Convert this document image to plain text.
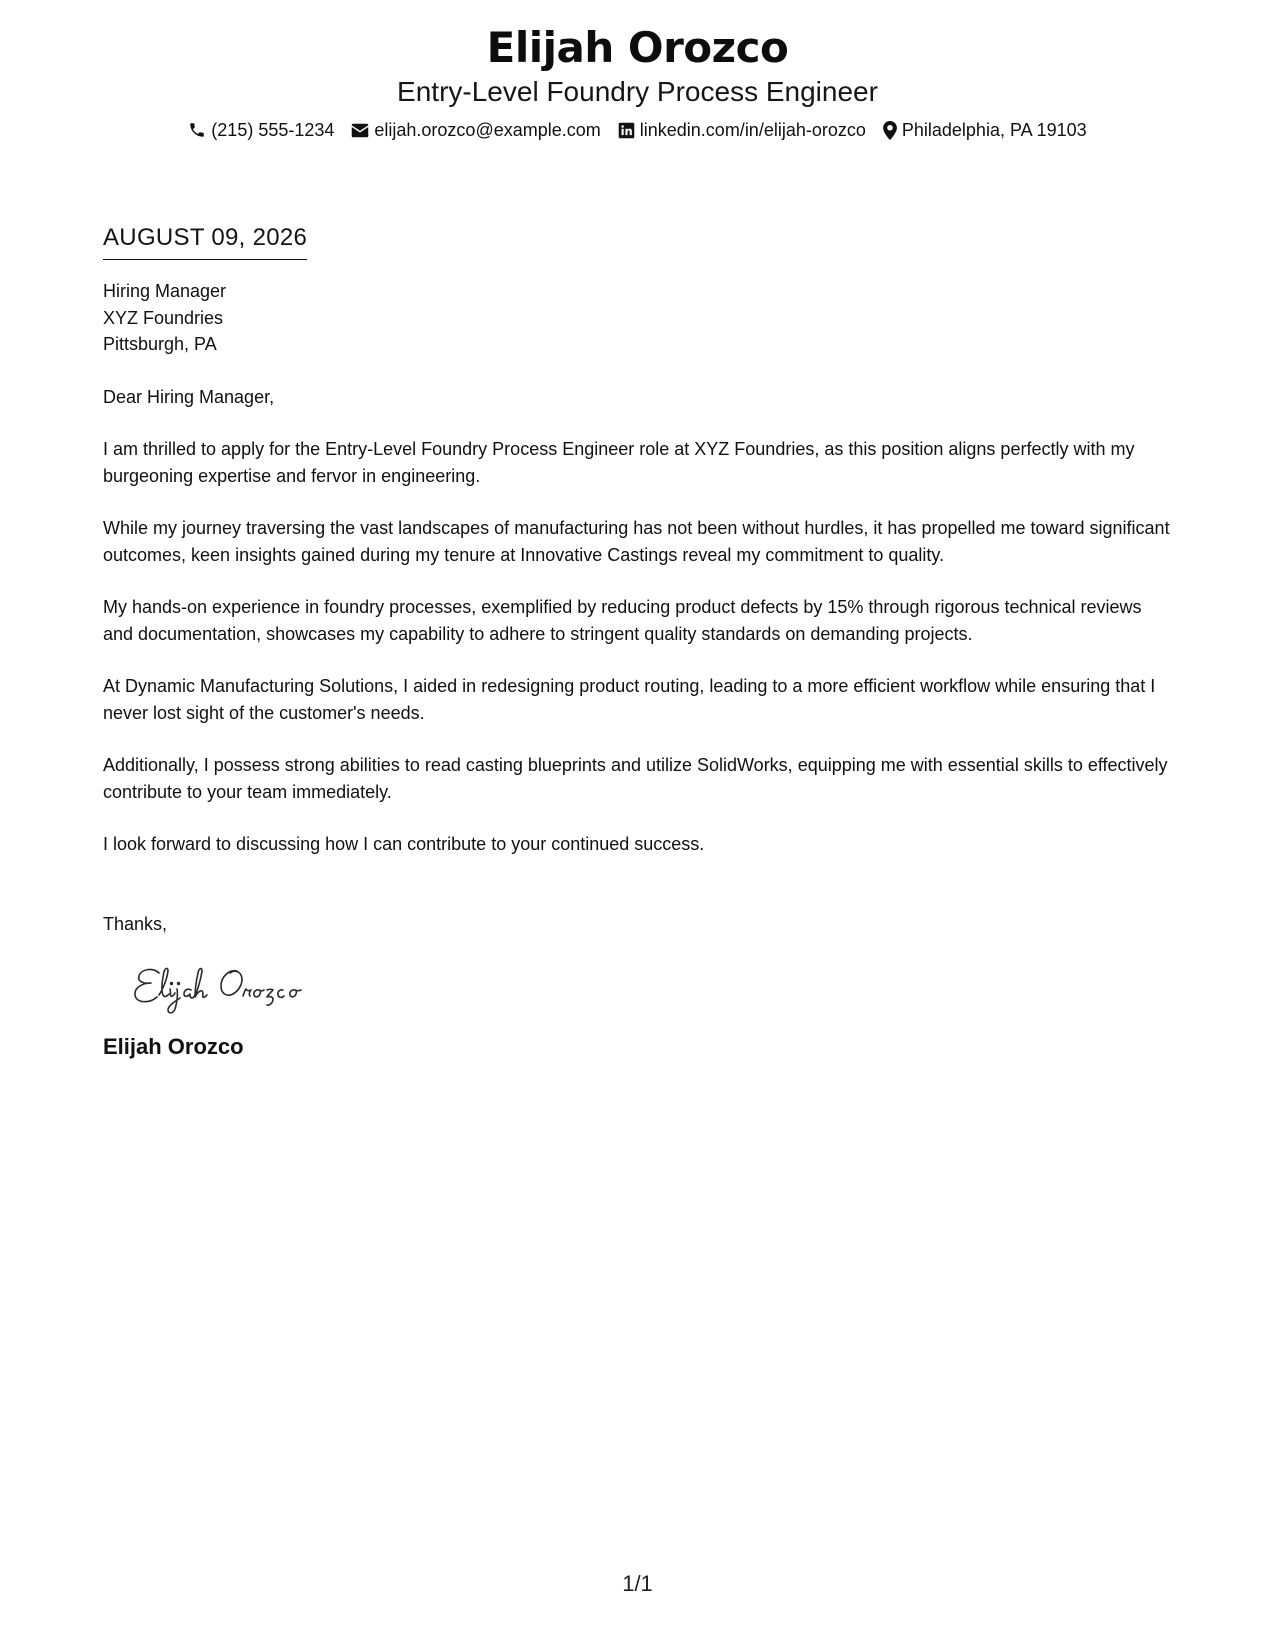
Elijah Orozco
Entry-Level Foundry Process Engineer
(215) 555-1234 elijah.orozco@example.com linkedin.com/in/elijah-orozco Philadelphia, PA 19103
AUGUST 09, 2026
Hiring Manager
XYZ Foundries
Pittsburgh, PA
Dear Hiring Manager,
I am thrilled to apply for the Entry-Level Foundry Process Engineer role at XYZ Foundries, as this position aligns perfectly with my burgeoning expertise and fervor in engineering.
While my journey traversing the vast landscapes of manufacturing has not been without hurdles, it has propelled me toward significant outcomes, keen insights gained during my tenure at Innovative Castings reveal my commitment to quality.
My hands-on experience in foundry processes, exemplified by reducing product defects by 15% through rigorous technical reviews and documentation, showcases my capability to adhere to stringent quality standards on demanding projects.
At Dynamic Manufacturing Solutions, I aided in redesigning product routing, leading to a more efficient workflow while ensuring that I never lost sight of the customer's needs.
Additionally, I possess strong abilities to read casting blueprints and utilize SolidWorks, equipping me with essential skills to effectively contribute to your team immediately.
I look forward to discussing how I can contribute to your continued success.
Thanks,
Elijah Orozco
1/1
